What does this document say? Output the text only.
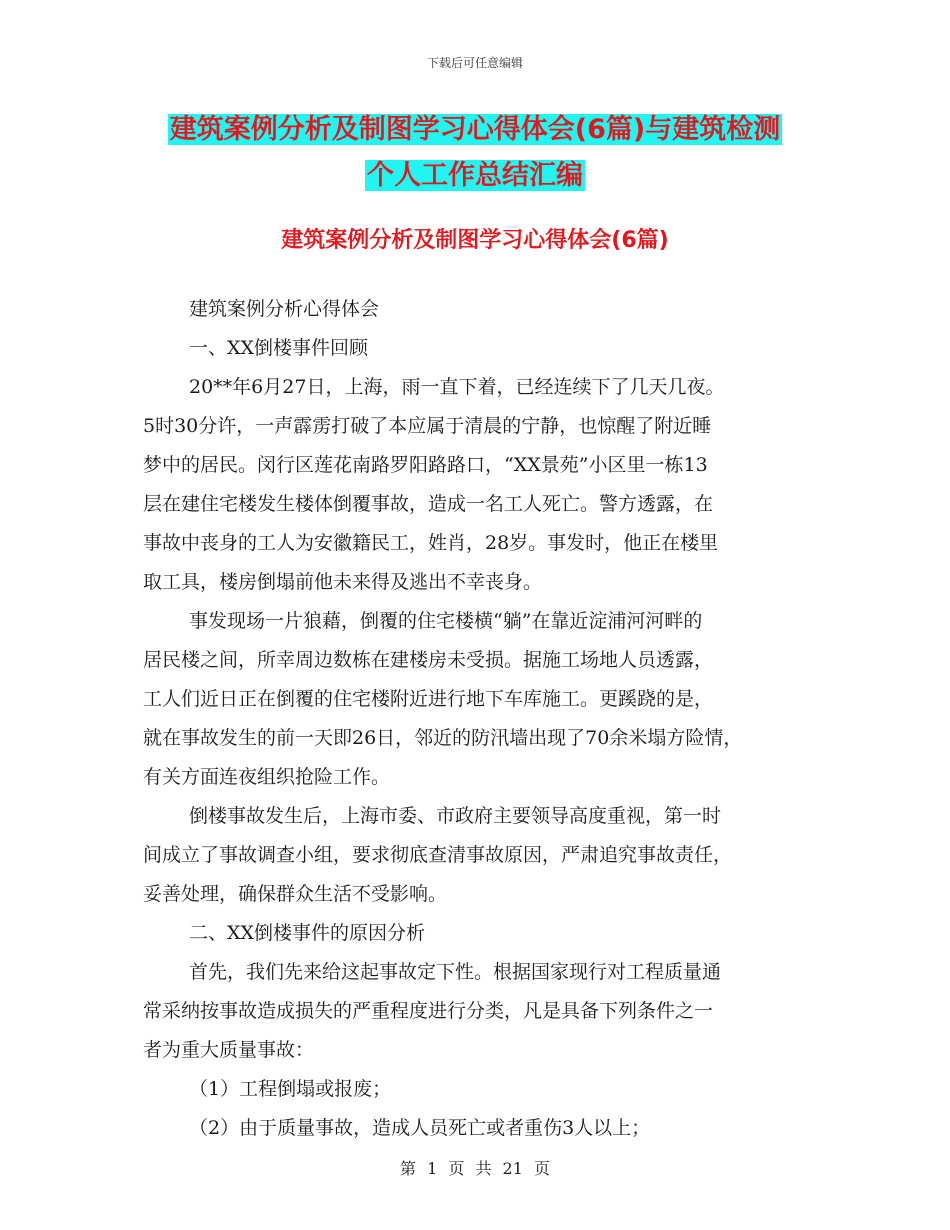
下载后可任意编辑
建筑案例分析及制图学习心得体会(6篇)与建筑检测
个人工作总结汇编
建筑案例分析及制图学习心得体会(6篇)

建筑案例分析心得体会

一、XX倒楼事件回顾

20**年6月27日，上海，雨一直下着，已经连续下了几天几夜。

5时30分许，一声霹雳打破了本应属于清晨的宁静，也惊醒了附近睡

梦中的居民。闵行区莲花南路罗阳路路口，“XX景苑”小区里一栋13

层在建住宅楼发生楼体倒覆事故，造成一名工人死亡。警方透露，在

事故中丧身的工人为安徽籍民工，姓肖，28岁。事发时，他正在楼里

取工具，楼房倒塌前他未来得及逃出不幸丧身。

事发现场一片狼藉，倒覆的住宅楼横“躺”在靠近淀浦河河畔的

居民楼之间，所幸周边数栋在建楼房未受损。据施工场地人员透露，

工人们近日正在倒覆的住宅楼附近进行地下车库施工。更蹊跷的是，

就在事故发生的前一天即26日，邻近的防汛墙出现了70余米塌方险情，

有关方面连夜组织抢险工作。

倒楼事故发生后，上海市委、市政府主要领导高度重视，第一时

间成立了事故调查小组，要求彻底查清事故原因，严肃追究事故责任，

妥善处理，确保群众生活不受影响。

二、XX倒楼事件的原因分析

首先，我们先来给这起事故定下性。根据国家现行对工程质量通

常采纳按事故造成损失的严重程度进行分类，凡是具备下列条件之一

者为重大质量事故：

（1）工程倒塌或报废；

（2）由于质量事故，造成人员死亡或者重伤3人以上；

第 1 页 共 21 页
